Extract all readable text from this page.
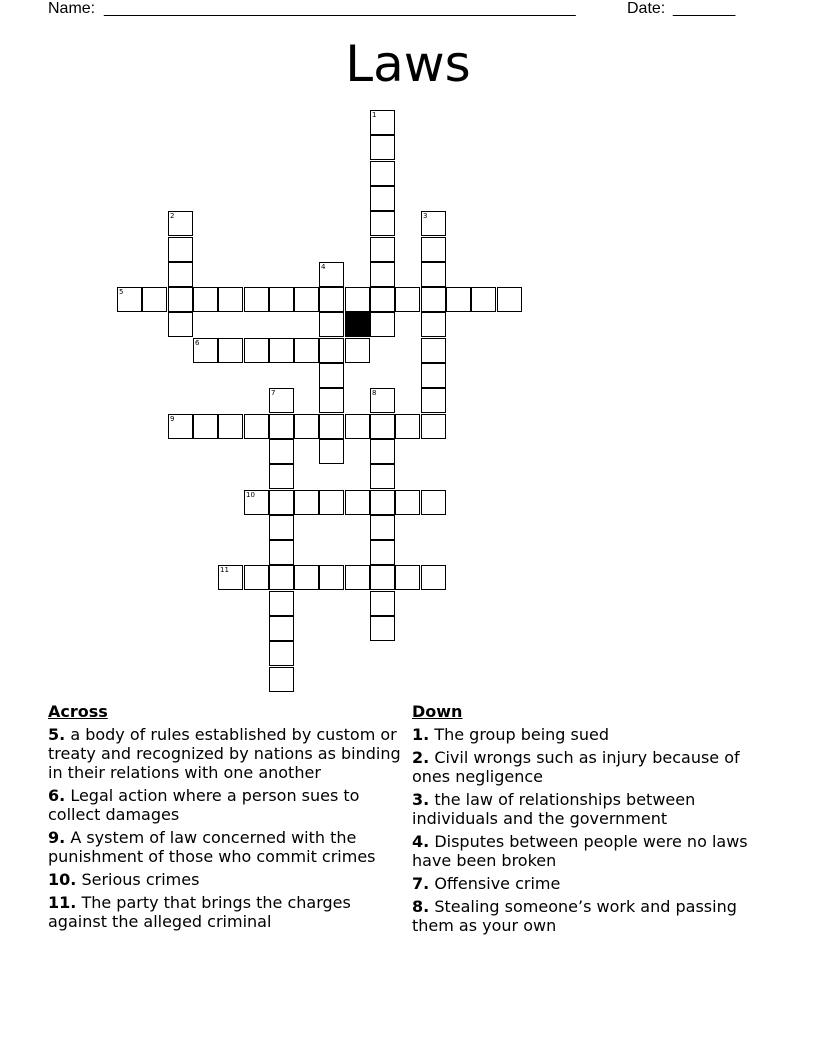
Name: _____________________________________________________	Date: _______
Laws
1
2	3
4
5
6
7	8
9
10
11
Across
5. a body of rules established by custom or treaty and recognized by nations as binding in their relations with one another
6. Legal action where a person sues to collect damages
9. A system of law concerned with the punishment of those who commit crimes
10. Serious crimes
11. The party that brings the charges against the alleged criminal
Down
1. The group being sued
2. Civil wrongs such as injury because of ones negligence
3. the law of relationships between individuals and the government
4. Disputes between people were no laws have been broken
7. Offensive crime
8. Stealing someone’s work and passing them as your own
